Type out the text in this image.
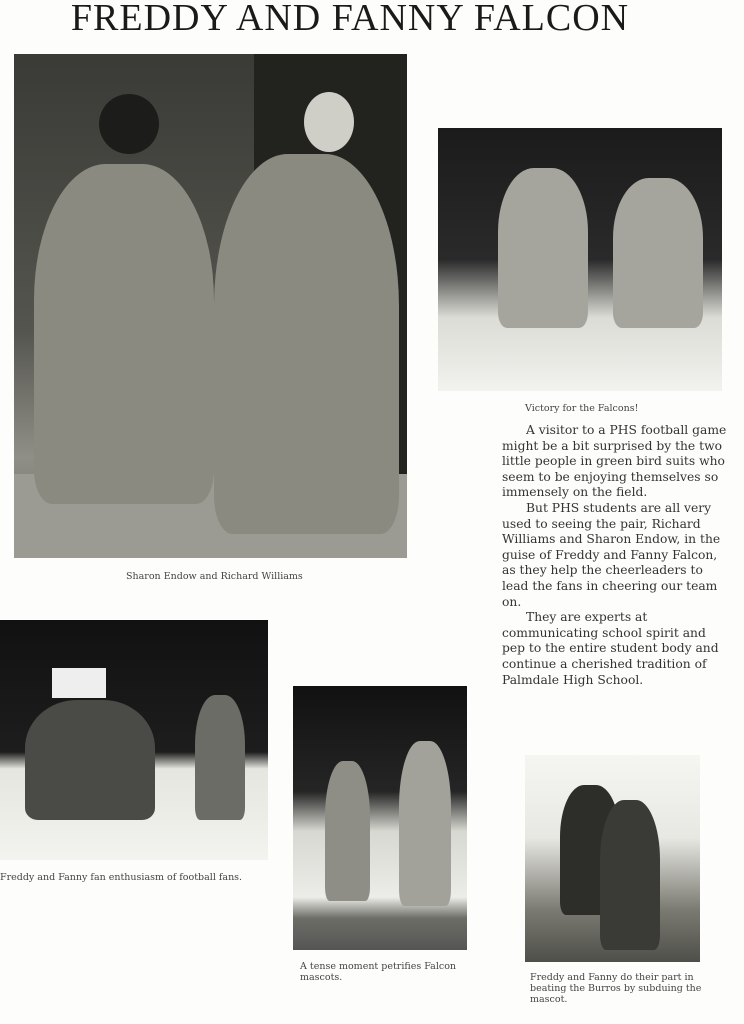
FREDDY AND FANNY FALCON
Sharon Endow and Richard Williams
Victory for the Falcons!

A visitor to a PHS football game might be a bit surprised by the two little people in green bird suits who seem to be enjoying themselves so immensely on the field.

But PHS students are all very used to seeing the pair, Richard Williams and Sharon Endow, in the guise of Freddy and Fanny Falcon, as they help the cheerleaders to lead the fans in cheering our team on.

They are experts at communicating school spirit and pep to the entire student body and continue a cherished tradition of Palmdale High School.

Freddy and Fanny fan enthusiasm of football fans.
A tense moment petrifies Falcon mascots.	Freddy and Fanny do their part in beating the Burros by subduing the mascot.
